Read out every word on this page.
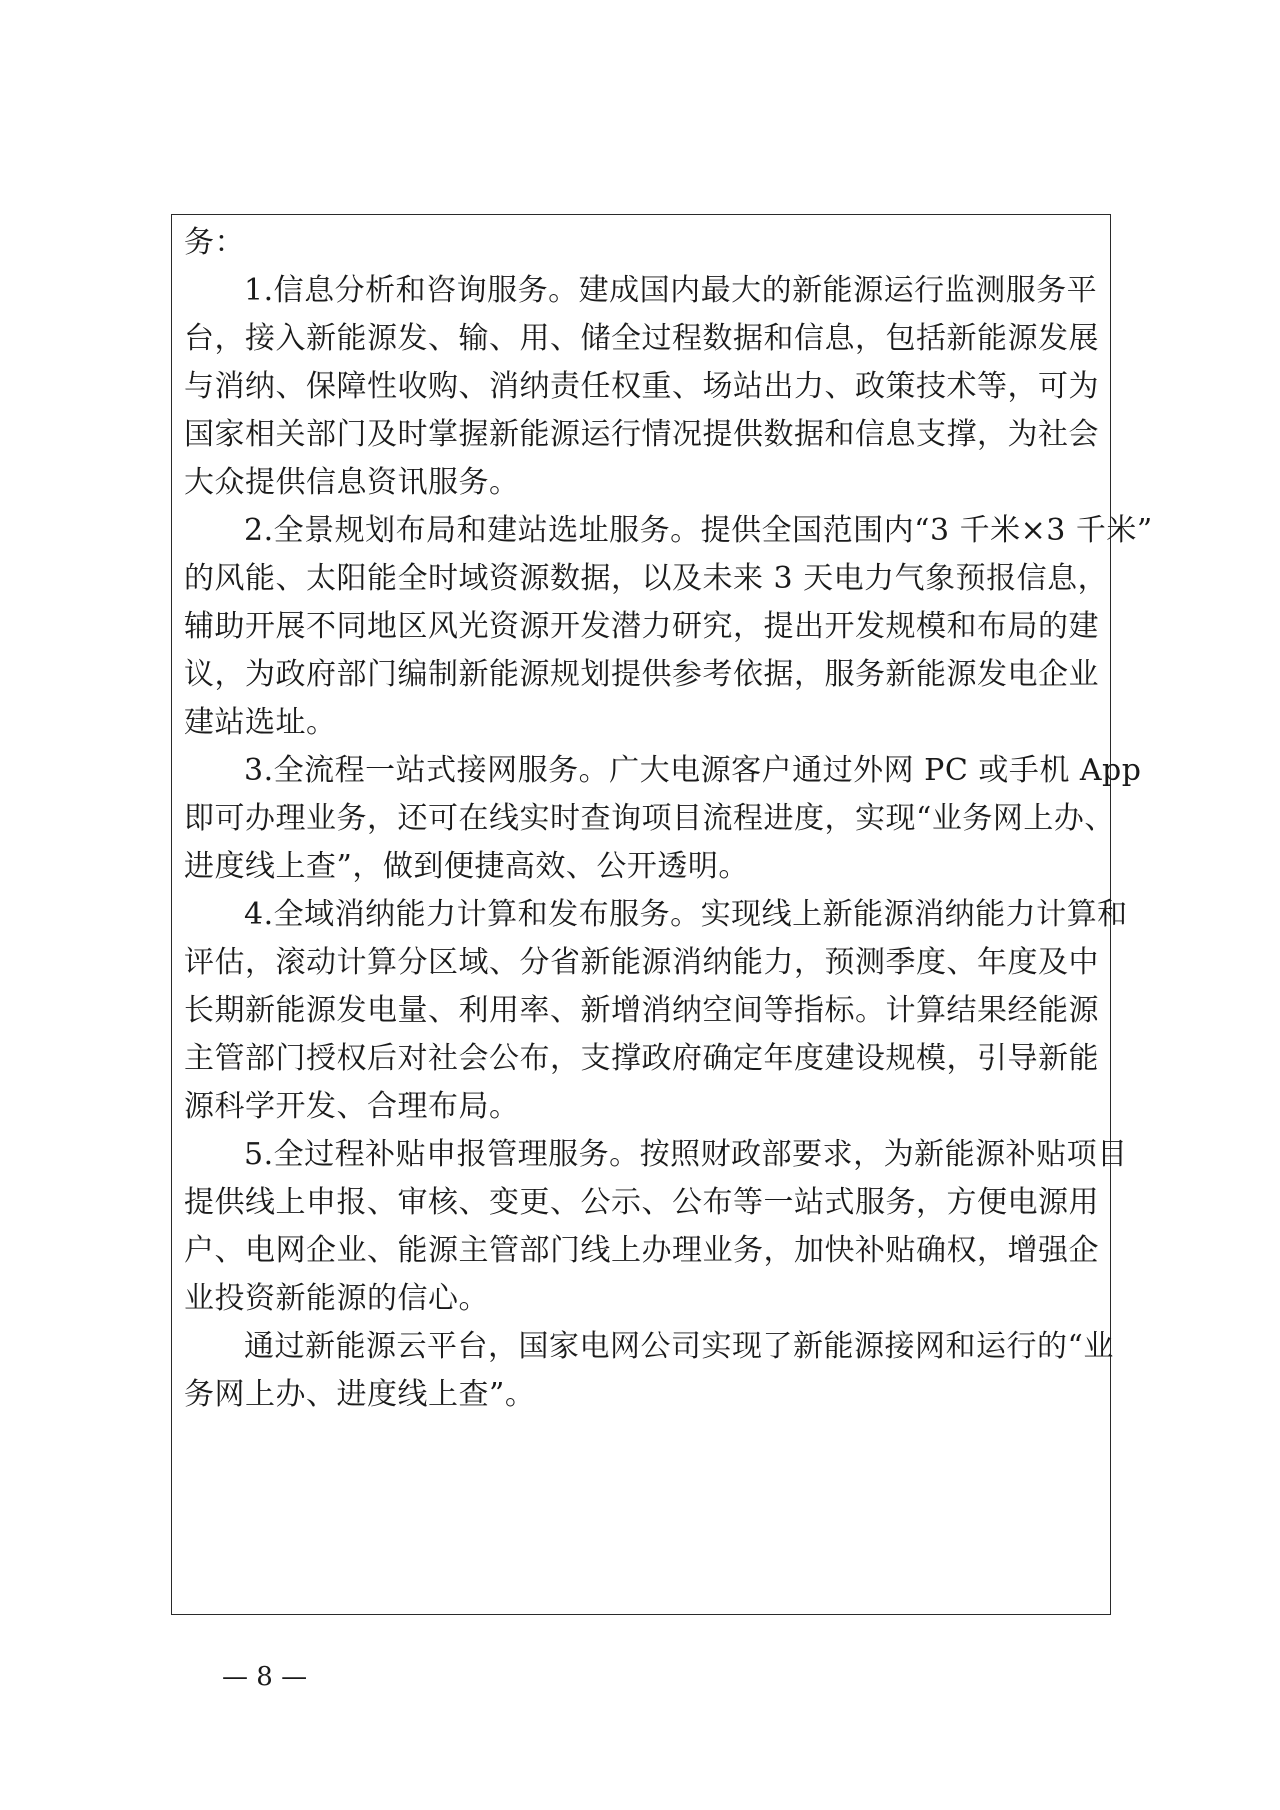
务：
1.信息分析和咨询服务。建成国内最大的新能源运行监测服务平
台，接入新能源发、输、用、储全过程数据和信息，包括新能源发展
与消纳、保障性收购、消纳责任权重、场站出力、政策技术等，可为
国家相关部门及时掌握新能源运行情况提供数据和信息支撑，为社会
大众提供信息资讯服务。
2.全景规划布局和建站选址服务。提供全国范围内“3 千米×3 千米”
的风能、太阳能全时域资源数据，以及未来 3 天电力气象预报信息，
辅助开展不同地区风光资源开发潜力研究，提出开发规模和布局的建
议，为政府部门编制新能源规划提供参考依据，服务新能源发电企业
建站选址。
3.全流程一站式接网服务。广大电源客户通过外网 PC 或手机 App
即可办理业务，还可在线实时查询项目流程进度，实现“业务网上办、
进度线上查”，做到便捷高效、公开透明。
4.全域消纳能力计算和发布服务。实现线上新能源消纳能力计算和
评估，滚动计算分区域、分省新能源消纳能力，预测季度、年度及中
长期新能源发电量、利用率、新增消纳空间等指标。计算结果经能源
主管部门授权后对社会公布，支撑政府确定年度建设规模，引导新能
源科学开发、合理布局。
5.全过程补贴申报管理服务。按照财政部要求，为新能源补贴项目
提供线上申报、审核、变更、公示、公布等一站式服务，方便电源用
户、电网企业、能源主管部门线上办理业务，加快补贴确权，增强企
业投资新能源的信心。
通过新能源云平台，国家电网公司实现了新能源接网和运行的“业
务网上办、进度线上查”。
— 8 —
